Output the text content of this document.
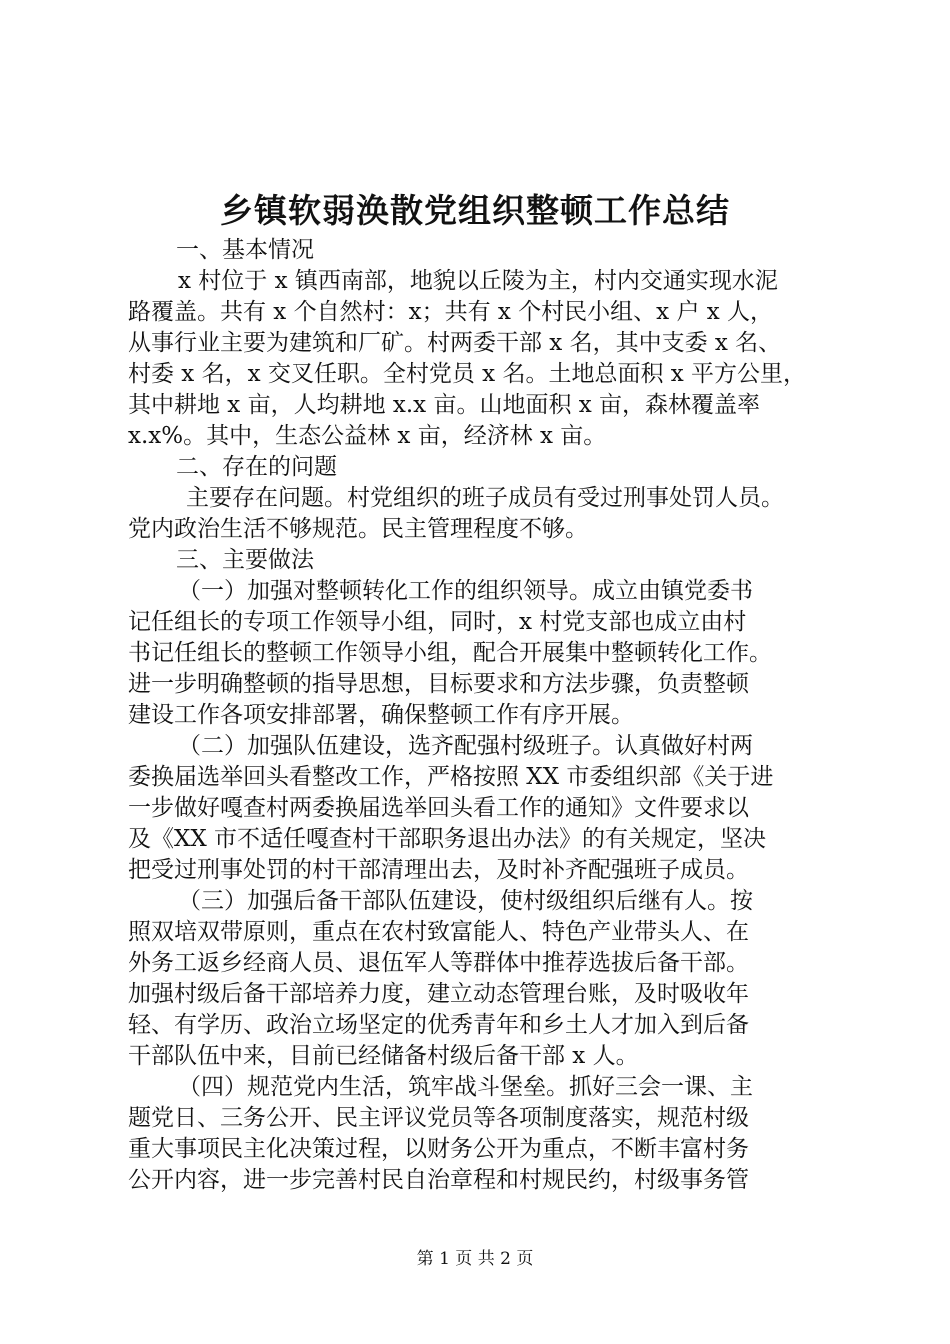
乡镇软弱涣散党组织整顿工作总结
一、基本情况
x 村位于 x 镇西南部，地貌以丘陵为主，村内交通实现水泥
路覆盖。共有 x 个自然村：x；共有 x 个村民小组、x 户 x 人，
从事行业主要为建筑和厂矿。村两委干部 x 名，其中支委 x 名、
村委 x 名，x 交叉任职。全村党员 x 名。土地总面积 x 平方公里，
其中耕地 x 亩，人均耕地 x.x 亩。山地面积 x 亩，森林覆盖率
x.x%。其中，生态公益林 x 亩，经济林 x 亩。
二、存在的问题
主要存在问题。村党组织的班子成员有受过刑事处罚人员。
党内政治生活不够规范。民主管理程度不够。
三、主要做法
（一）加强对整顿转化工作的组织领导。成立由镇党委书
记任组长的专项工作领导小组，同时，x 村党支部也成立由村
书记任组长的整顿工作领导小组，配合开展集中整顿转化工作。
进一步明确整顿的指导思想，目标要求和方法步骤，负责整顿
建设工作各项安排部署，确保整顿工作有序开展。
（二）加强队伍建设，选齐配强村级班子。认真做好村两
委换届选举回头看整改工作，严格按照 XX 市委组织部《关于进
一步做好嘎查村两委换届选举回头看工作的通知》文件要求以
及《XX 市不适任嘎查村干部职务退出办法》的有关规定，坚决
把受过刑事处罚的村干部清理出去，及时补齐配强班子成员。
（三）加强后备干部队伍建设，使村级组织后继有人。按
照双培双带原则，重点在农村致富能人、特色产业带头人、在
外务工返乡经商人员、退伍军人等群体中推荐选拔后备干部。
加强村级后备干部培养力度，建立动态管理台账，及时吸收年
轻、有学历、政治立场坚定的优秀青年和乡土人才加入到后备
干部队伍中来，目前已经储备村级后备干部 x 人。
（四）规范党内生活，筑牢战斗堡垒。抓好三会一课、主
题党日、三务公开、民主评议党员等各项制度落实，规范村级
重大事项民主化决策过程，以财务公开为重点，不断丰富村务
公开内容，进一步完善村民自治章程和村规民约，村级事务管
第 1 页 共 2 页
